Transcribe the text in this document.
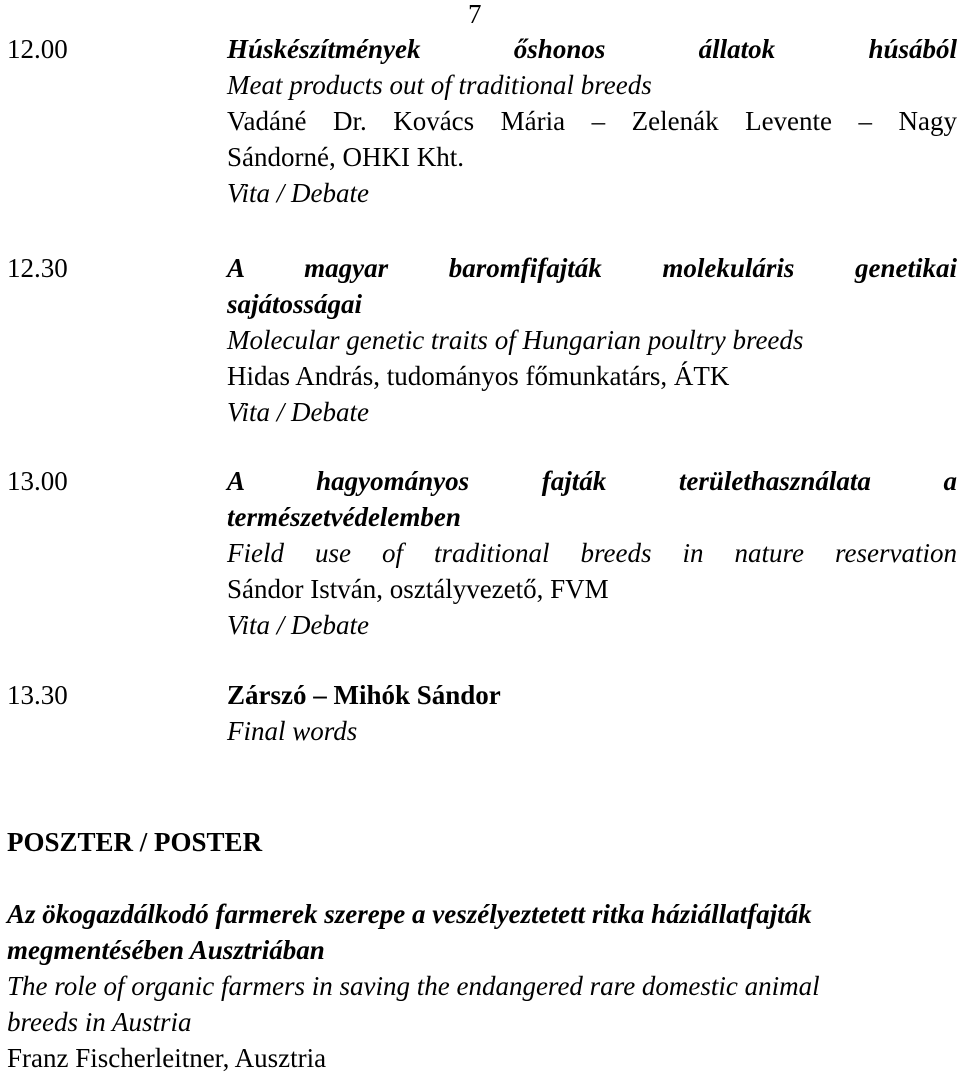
7
12.00	Húskészítmények őshonos állatok húsából
Meat products out of traditional breeds
Vadáné Dr. Kovács Mária – Zelenák Levente – Nagy
Sándorné, OHKI Kht.
Vita / Debate
12.30	A magyar baromfifajták molekuláris genetikai
sajátosságai
Molecular genetic traits of Hungarian poultry breeds
Hidas András, tudományos főmunkatárs, ÁTK
Vita / Debate
13.00	A hagyományos fajták területhasználata a
természetvédelemben
Field use of traditional breeds in nature reservation
Sándor István, osztályvezető, FVM
Vita / Debate
13.30	Zárszó – Mihók Sándor
Final words
POSZTER / POSTER
Az ökogazdálkodó farmerek szerepe a veszélyeztetett ritka háziállatfajták
megmentésében Ausztriában
The role of organic farmers in saving the endangered rare domestic animal
breeds in Austria
Franz Fischerleitner, Ausztria
